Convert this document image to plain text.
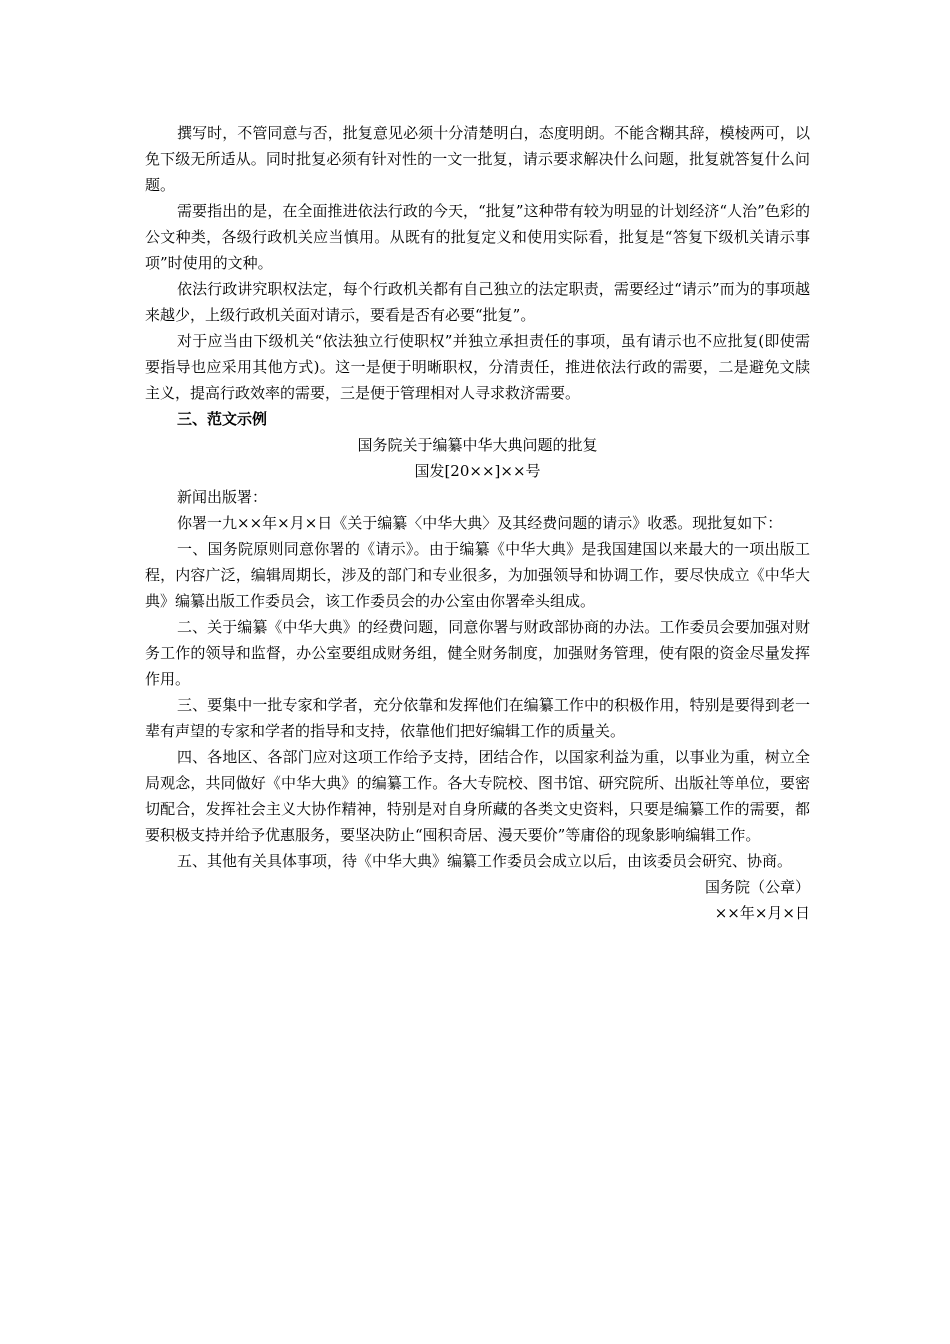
撰写时，不管同意与否，批复意见必须十分清楚明白，态度明朗。不能含糊其辞，模棱两可，以免下级无所适从。同时批复必须有针对性的一文一批复，请示要求解决什么问题，批复就答复什么问题。

需要指出的是，在全面推进依法行政的今天，“批复”这种带有较为明显的计划经济“人治”色彩的公文种类，各级行政机关应当慎用。从既有的批复定义和使用实际看，批复是“答复下级机关请示事项”时使用的文种。

依法行政讲究职权法定，每个行政机关都有自己独立的法定职责，需要经过“请示”而为的事项越来越少，上级行政机关面对请示，要看是否有必要“批复”。

对于应当由下级机关“依法独立行使职权”并独立承担责任的事项，虽有请示也不应批复(即使需要指导也应采用其他方式)。这一是便于明晰职权，分清责任，推进依法行政的需要，二是避免文牍主义，提高行政效率的需要，三是便于管理相对人寻求救济需要。

三、范文示例

国务院关于编纂中华大典问题的批复

国发[20××]××号

新闻出版署：

你署一九××年×月×日《关于编纂〈中华大典〉及其经费问题的请示》收悉。现批复如下：

一、国务院原则同意你署的《请示》。由于编纂《中华大典》是我国建国以来最大的一项出版工程，内容广泛，编辑周期长，涉及的部门和专业很多，为加强领导和协调工作，要尽快成立《中华大典》编纂出版工作委员会，该工作委员会的办公室由你署牵头组成。

二、关于编纂《中华大典》的经费问题，同意你署与财政部协商的办法。工作委员会要加强对财务工作的领导和监督，办公室要组成财务组，健全财务制度，加强财务管理，使有限的资金尽量发挥作用。

三、要集中一批专家和学者，充分依靠和发挥他们在编纂工作中的积极作用，特别是要得到老一辈有声望的专家和学者的指导和支持，依靠他们把好编辑工作的质量关。

四、各地区、各部门应对这项工作给予支持，团结合作，以国家利益为重，以事业为重，树立全局观念，共同做好《中华大典》的编纂工作。各大专院校、图书馆、研究院所、出版社等单位，要密切配合，发挥社会主义大协作精神，特别是对自身所藏的各类文史资料，只要是编纂工作的需要，都要积极支持并给予优惠服务，要坚决防止“囤积奇居、漫天要价”等庸俗的现象影响编辑工作。

五、其他有关具体事项，待《中华大典》编纂工作委员会成立以后，由该委员会研究、协商。

国务院（公章）

××年×月×日
